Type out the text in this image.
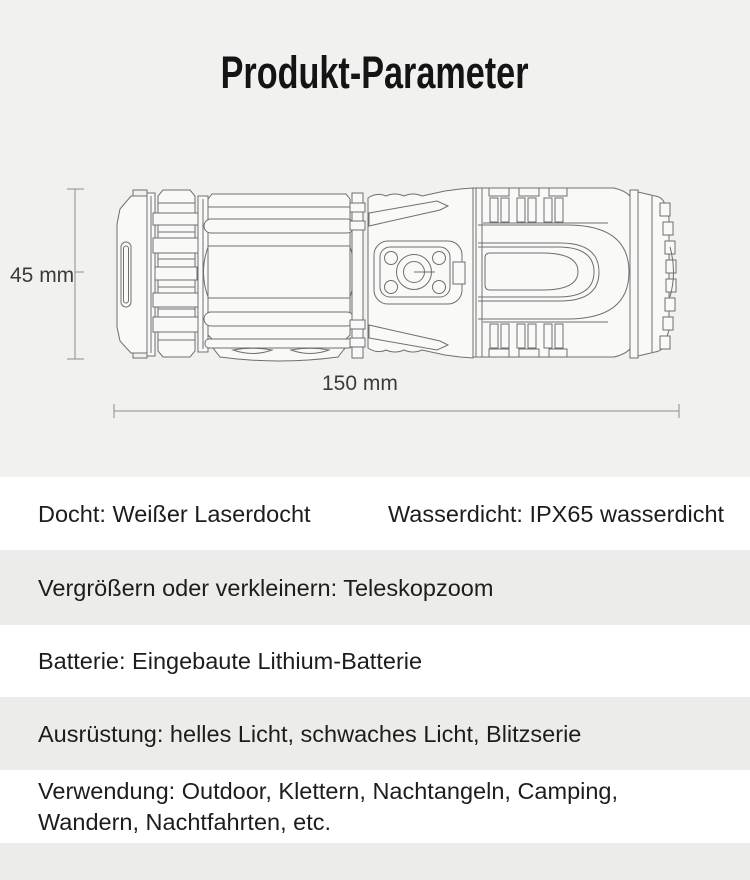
Produkt-Parameter
45 mm
150 mm
Docht: Weißer Laserdocht	Wasserdicht: IPX65 wasserdicht
Vergrößern oder verkleinern: Teleskopzoom
Batterie: Eingebaute Lithium-Batterie
Ausrüstung: helles Licht, schwaches Licht, Blitzserie
Verwendung: Outdoor, Klettern, Nachtangeln, Camping, Wandern, Nachtfahrten, etc.
